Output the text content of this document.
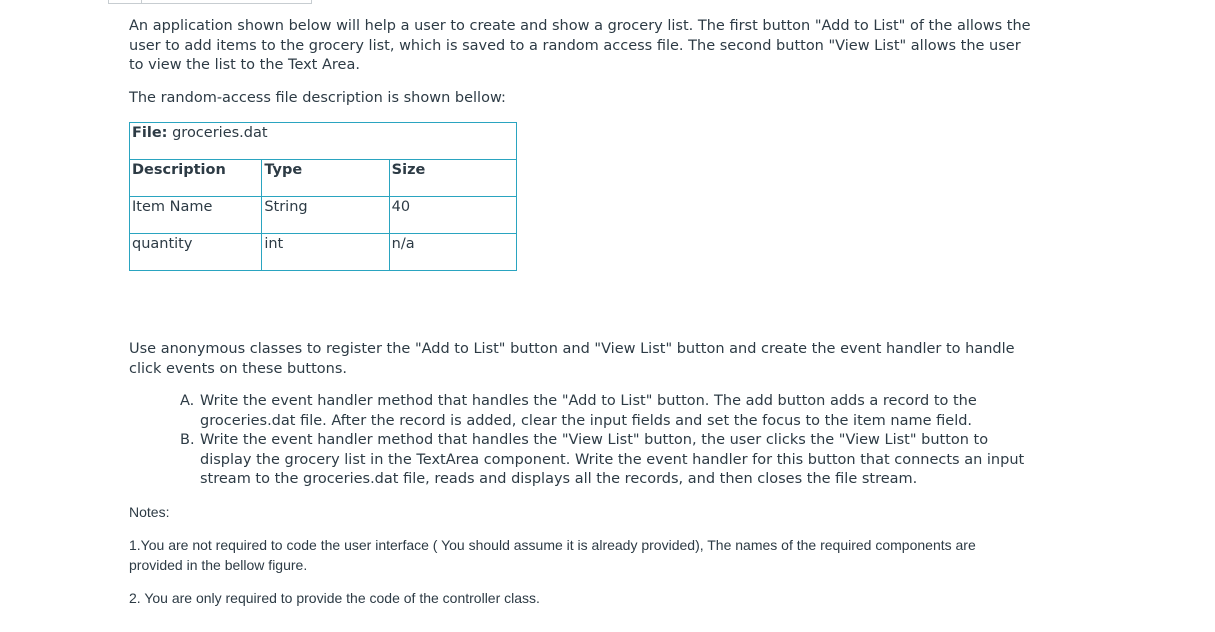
An application shown below will help a user to create and show a grocery list. The first button "Add to List" of the allows the user to add items to the grocery list, which is saved to a random access file. The second button "View List" allows the user to view the list to the Text Area.

The random-access file description is shown bellow:

File: groceries.dat		
Description	Type	Size
Item Name	String	40
quantity	int	n/a

Use anonymous classes to register the "Add to List" button and "View List" button and create the event handler to handle click events on these buttons.

A. Write the event handler method that handles the "Add to List" button. The add button adds a record to the groceries.dat file. After the record is added, clear the input fields and set the focus to the item name field.
B. Write the event handler method that handles the "View List" button, the user clicks the "View List" button to display the grocery list in the TextArea component. Write the event handler for this button that connects an input stream to the groceries.dat file, reads and displays all the records, and then closes the file stream.

Notes:

1.You are not required to code the user interface ( You should assume it is already provided), The names of the required components are provided in the bellow figure.

2. You are only required to provide the code of the controller class.
